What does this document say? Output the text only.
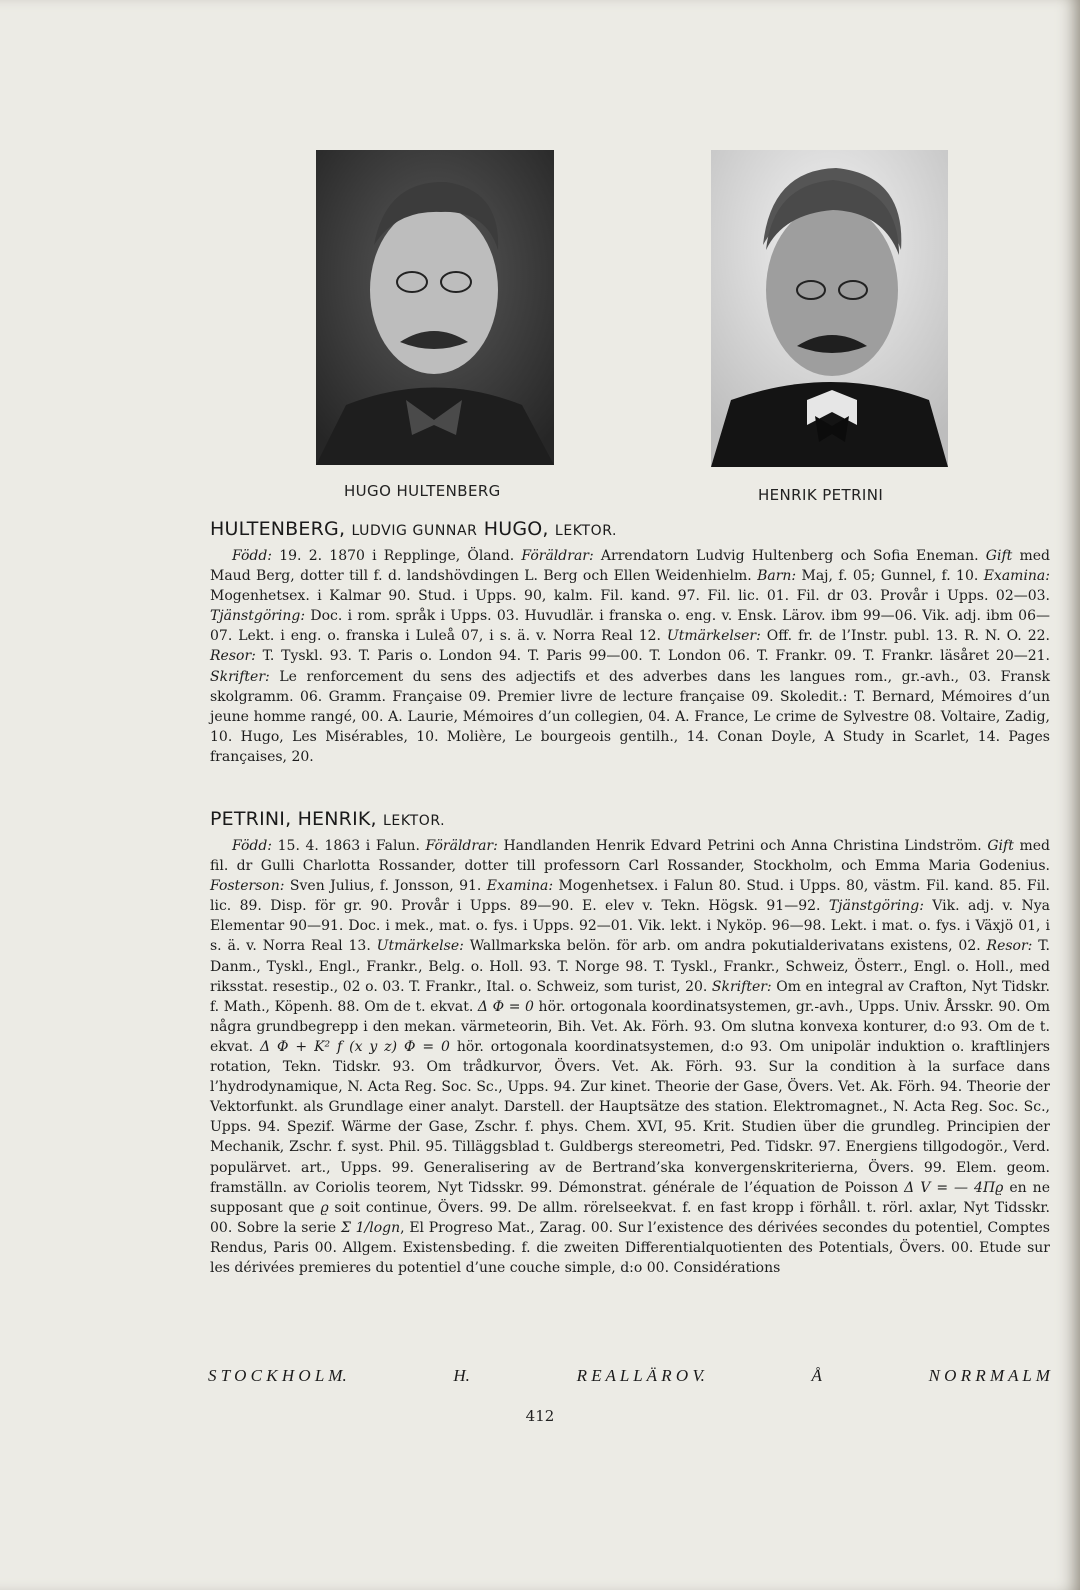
HUGO HULTENBERG	HENRIK PETRINI
HULTENBERG, LUDVIG GUNNAR HUGO, LEKTOR.
Född: 19. 2. 1870 i Repplinge, Öland. Föräldrar: Arrendatorn Ludvig Hultenberg och Sofia Eneman. Gift med Maud Berg, dotter till f. d. landshövdingen L. Berg och Ellen Weidenhielm. Barn: Maj, f. 05; Gunnel, f. 10. Examina: Mogenhetsex. i Kalmar 90. Stud. i Upps. 90, kalm. Fil. kand. 97. Fil. lic. 01. Fil. dr 03. Provår i Upps. 02—03. Tjänstgöring: Doc. i rom. språk i Upps. 03. Huvudlär. i franska o. eng. v. Ensk. Lärov. ibm 99—06. Vik. adj. ibm 06—07. Lekt. i eng. o. franska i Luleå 07, i s. ä. v. Norra Real 12. Utmärkelser: Off. fr. de l’Instr. publ. 13. R. N. O. 22. Resor: T. Tyskl. 93. T. Paris o. London 94. T. Paris 99—00. T. London 06. T. Frankr. 09. T. Frankr. läsåret 20—21. Skrifter: Le renforcement du sens des adjectifs et des adverbes dans les langues rom., gr.-avh., 03. Fransk skolgramm. 06. Gramm. Française 09. Premier livre de lecture française 09. Skoledit.: T. Bernard, Mémoires d’un jeune homme rangé, 00. A. Laurie, Mémoires d’un collegien, 04. A. France, Le crime de Sylvestre 08. Voltaire, Zadig, 10. Hugo, Les Misérables, 10. Molière, Le bourgeois gentilh., 14. Conan Doyle, A Study in Scarlet, 14. Pages françaises, 20.
PETRINI, HENRIK, LEKTOR.
Född: 15. 4. 1863 i Falun. Föräldrar: Handlanden Henrik Edvard Petrini och Anna Christina Lindström. Gift med fil. dr Gulli Charlotta Rossander, dotter till professorn Carl Rossander, Stockholm, och Emma Maria Godenius. Fosterson: Sven Julius, f. Jonsson, 91. Examina: Mogenhetsex. i Falun 80. Stud. i Upps. 80, västm. Fil. kand. 85. Fil. lic. 89. Disp. för gr. 90. Provår i Upps. 89—90. E. elev v. Tekn. Högsk. 91—92. Tjänstgöring: Vik. adj. v. Nya Elementar 90—91. Doc. i mek., mat. o. fys. i Upps. 92—01. Vik. lekt. i Nyköp. 96—98. Lekt. i mat. o. fys. i Växjö 01, i s. ä. v. Norra Real 13. Utmärkelse: Wallmarkska belön. för arb. om andra pokutialderivatans existens, 02. Resor: T. Danm., Tyskl., Engl., Frankr., Belg. o. Holl. 93. T. Norge 98. T. Tyskl., Frankr., Schweiz, Österr., Engl. o. Holl., med riksstat. resestip., 02 o. 03. T. Frankr., Ital. o. Schweiz, som turist, 20. Skrifter: Om en integral av Crafton, Nyt Tidskr. f. Math., Köpenh. 88. Om de t. ekvat. Δ Φ = 0 hör. ortogonala koordinatsystemen, gr.-avh., Upps. Univ. Årsskr. 90. Om några grundbegrepp i den mekan. värmeteorin, Bih. Vet. Ak. Förh. 93. Om slutna konvexa konturer, d:o 93. Om de t. ekvat. Δ Φ + K² f (x y z) Φ = 0 hör. ortogonala koordinatsystemen, d:o 93. Om unipolär induktion o. kraftlinjers rotation, Tekn. Tidskr. 93. Om trådkurvor, Övers. Vet. Ak. Förh. 93. Sur la condition à la surface dans l’hydrodynamique, N. Acta Reg. Soc. Sc., Upps. 94. Zur kinet. Theorie der Gase, Övers. Vet. Ak. Förh. 94. Theorie der Vektorfunkt. als Grundlage einer analyt. Darstell. der Hauptsätze des station. Elektromagnet., N. Acta Reg. Soc. Sc., Upps. 94. Spezif. Wärme der Gase, Zschr. f. phys. Chem. XVI, 95. Krit. Studien über die grundleg. Principien der Mechanik, Zschr. f. syst. Phil. 95. Tilläggsblad t. Guldbergs stereometri, Ped. Tidskr. 97. Energiens tillgodogör., Verd. populärvet. art., Upps. 99. Generalisering av de Bertrand’ska konvergenskriterierna, Övers. 99. Elem. geom. framställn. av Coriolis teorem, Nyt Tidsskr. 99. Démonstrat. générale de l’équation de Poisson Δ V = — 4Πϱ en ne supposant que ϱ soit continue, Övers. 99. De allm. rörelseekvat. f. en fast kropp i förhåll. t. rörl. axlar, Nyt Tidsskr. 00. Sobre la serie Σ 1/logn, El Progreso Mat., Zarag. 00. Sur l’existence des dérivées secondes du potentiel, Comptes Rendus, Paris 00. Allgem. Existensbeding. f. die zweiten Differentialquotienten des Potentials, Övers. 00. Etude sur les dérivées premieres du potentiel d’une couche simple, d:o 00. Considérations
S T O C K H O L M.	H.	R E A L L Ä R O V.	Å	N O R R M A L M
412
